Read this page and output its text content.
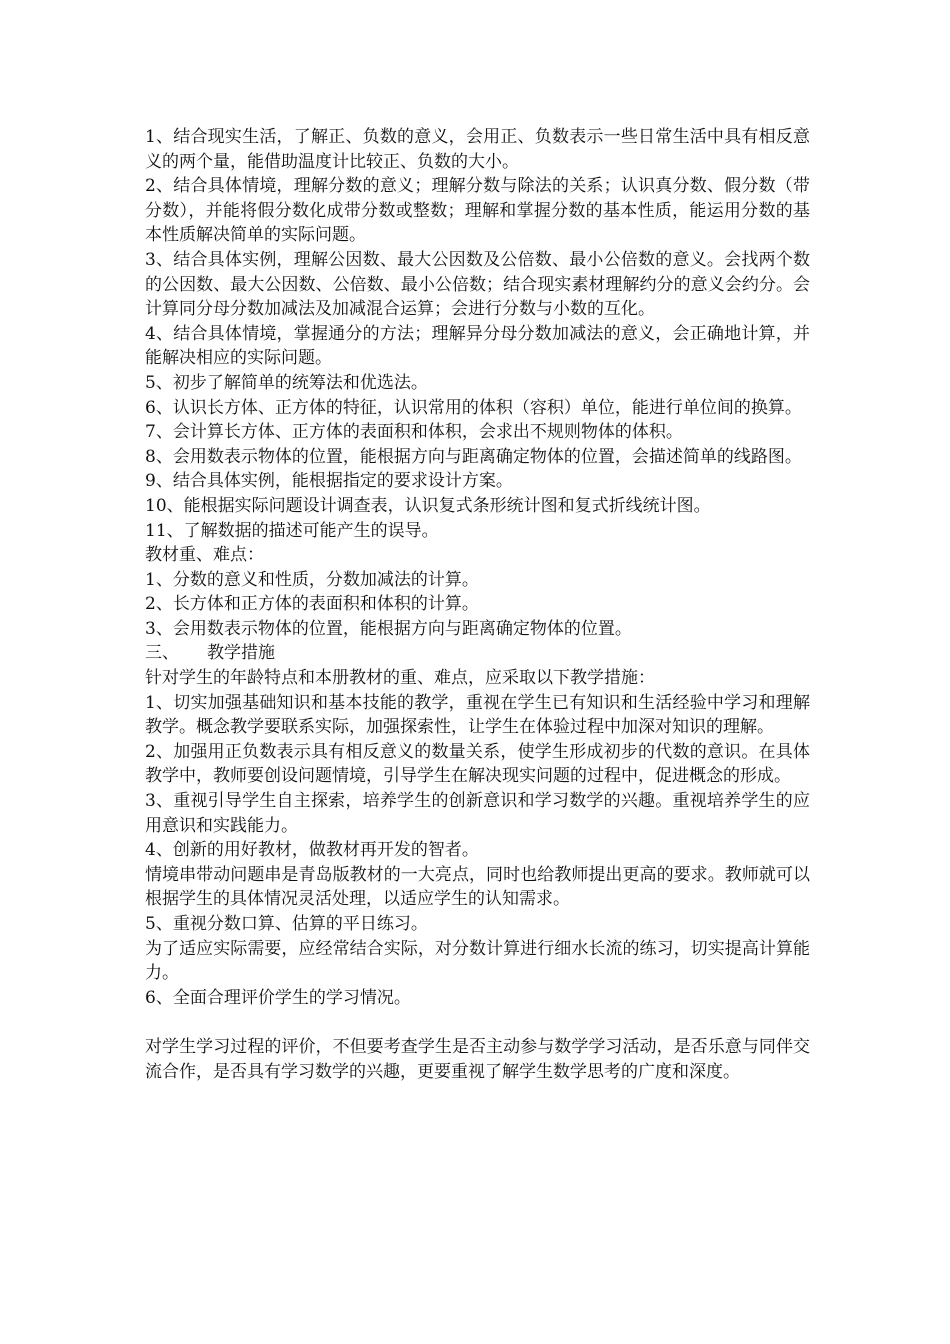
1、结合现实生活，了解正、负数的意义，会用正、负数表示一些日常生活中具有相反意义的两个量，能借助温度计比较正、负数的大小。

2、结合具体情境，理解分数的意义；理解分数与除法的关系；认识真分数、假分数（带分数），并能将假分数化成带分数或整数；理解和掌握分数的基本性质，能运用分数的基本性质解决简单的实际问题。

3、结合具体实例，理解公因数、最大公因数及公倍数、最小公倍数的意义。会找两个数的公因数、最大公因数、公倍数、最小公倍数；结合现实素材理解约分的意义会约分。会计算同分母分数加减法及加减混合运算；会进行分数与小数的互化。

4、结合具体情境，掌握通分的方法；理解异分母分数加减法的意义，会正确地计算，并能解决相应的实际问题。

5、初步了解简单的统筹法和优选法。

6、认识长方体、正方体的特征，认识常用的体积（容积）单位，能进行单位间的换算。

7、会计算长方体、正方体的表面积和体积，会求出不规则物体的体积。

8、会用数表示物体的位置，能根据方向与距离确定物体的位置，会描述简单的线路图。

9、结合具体实例，能根据指定的要求设计方案。

10、能根据实际问题设计调查表，认识复式条形统计图和复式折线统计图。

11、了解数据的描述可能产生的误导。

教材重、难点：

1、分数的意义和性质，分数加减法的计算。

2、长方体和正方体的表面积和体积的计算。

3、会用数表示物体的位置，能根据方向与距离确定物体的位置。

三、 教学措施

针对学生的年龄特点和本册教材的重、难点，应采取以下教学措施：

1、切实加强基础知识和基本技能的教学，重视在学生已有知识和生活经验中学习和理解教学。概念教学要联系实际，加强探索性，让学生在体验过程中加深对知识的理解。

2、加强用正负数表示具有相反意义的数量关系，使学生形成初步的代数的意识。在具体教学中，教师要创设问题情境，引导学生在解决现实问题的过程中，促进概念的形成。

3、重视引导学生自主探索，培养学生的创新意识和学习数学的兴趣。重视培养学生的应用意识和实践能力。

4、创新的用好教材，做教材再开发的智者。

情境串带动问题串是青岛版教材的一大亮点，同时也给教师提出更高的要求。教师就可以根据学生的具体情况灵活处理，以适应学生的认知需求。

5、重视分数口算、估算的平日练习。

为了适应实际需要，应经常结合实际，对分数计算进行细水长流的练习，切实提高计算能力。

6、全面合理评价学生的学习情况。

对学生学习过程的评价，不但要考查学生是否主动参与数学学习活动，是否乐意与同伴交流合作，是否具有学习数学的兴趣，更要重视了解学生数学思考的广度和深度。
